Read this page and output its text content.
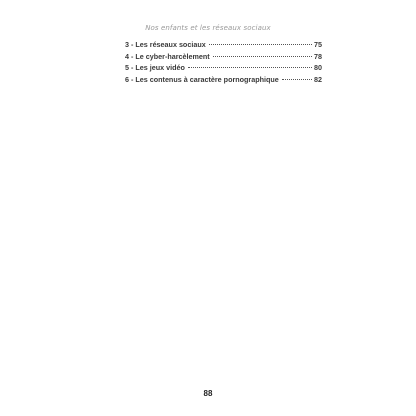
Nos enfants et les réseaux sociaux
3 - Les réseaux sociaux	75
4 - Le cyber-harcèlement	78
5 - Les jeux vidéo	80
6 - Les contenus à caractère pornographique	82
88
